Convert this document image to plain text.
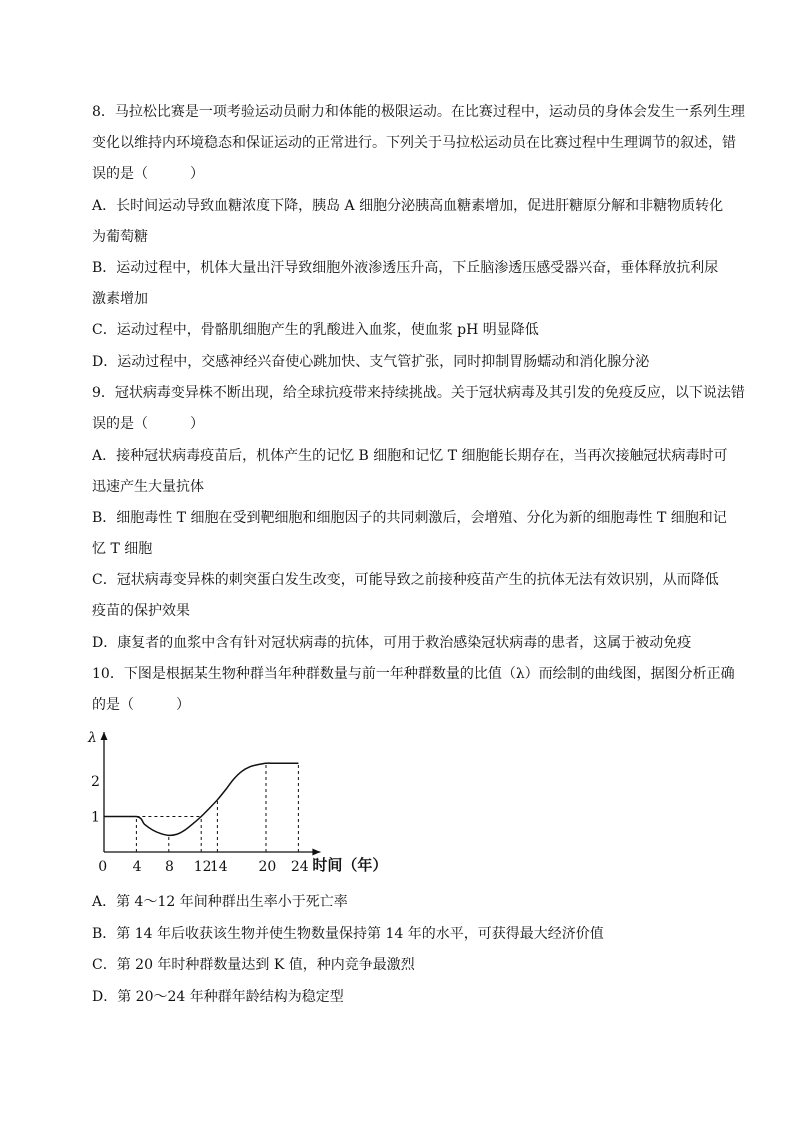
8．马拉松比赛是一项考验运动员耐力和体能的极限运动。在比赛过程中，运动员的身体会发生一系列生理
变化以维持内环境稳态和保证运动的正常进行。下列关于马拉松运动员在比赛过程中生理调节的叙述，错
误的是（　　　）
A．长时间运动导致血糖浓度下降，胰岛 A 细胞分泌胰高血糖素增加，促进肝糖原分解和非糖物质转化
为葡萄糖
B．运动过程中，机体大量出汗导致细胞外液渗透压升高，下丘脑渗透压感受器兴奋，垂体释放抗利尿
激素增加
C．运动过程中，骨骼肌细胞产生的乳酸进入血浆，使血浆 pH 明显降低
D．运动过程中，交感神经兴奋使心跳加快、支气管扩张，同时抑制胃肠蠕动和消化腺分泌
9．冠状病毒变异株不断出现，给全球抗疫带来持续挑战。关于冠状病毒及其引发的免疫反应，以下说法错
误的是（　　　）
A．接种冠状病毒疫苗后，机体产生的记忆 B 细胞和记忆 T 细胞能长期存在，当再次接触冠状病毒时可
迅速产生大量抗体
B．细胞毒性 T 细胞在受到靶细胞和细胞因子的共同刺激后，会增殖、分化为新的细胞毒性 T 细胞和记
忆 T 细胞
C．冠状病毒变异株的刺突蛋白发生改变，可能导致之前接种疫苗产生的抗体无法有效识别，从而降低
疫苗的保护效果
D．康复者的血浆中含有针对冠状病毒的抗体，可用于救治感染冠状病毒的患者，这属于被动免疫
10．下图是根据某生物种群当年种群数量与前一年种群数量的比值（λ）而绘制的曲线图，据图分析正确
的是（　　　）
λ
时间（年）
1
2
0 4 8 12
14 20 24
A．第 4～12 年间种群出生率小于死亡率
B．第 14 年后收获该生物并使生物数量保持第 14 年的水平，可获得最大经济价值
C．第 20 年时种群数量达到 K 值，种内竞争最激烈
D．第 20～24 年种群年龄结构为稳定型
